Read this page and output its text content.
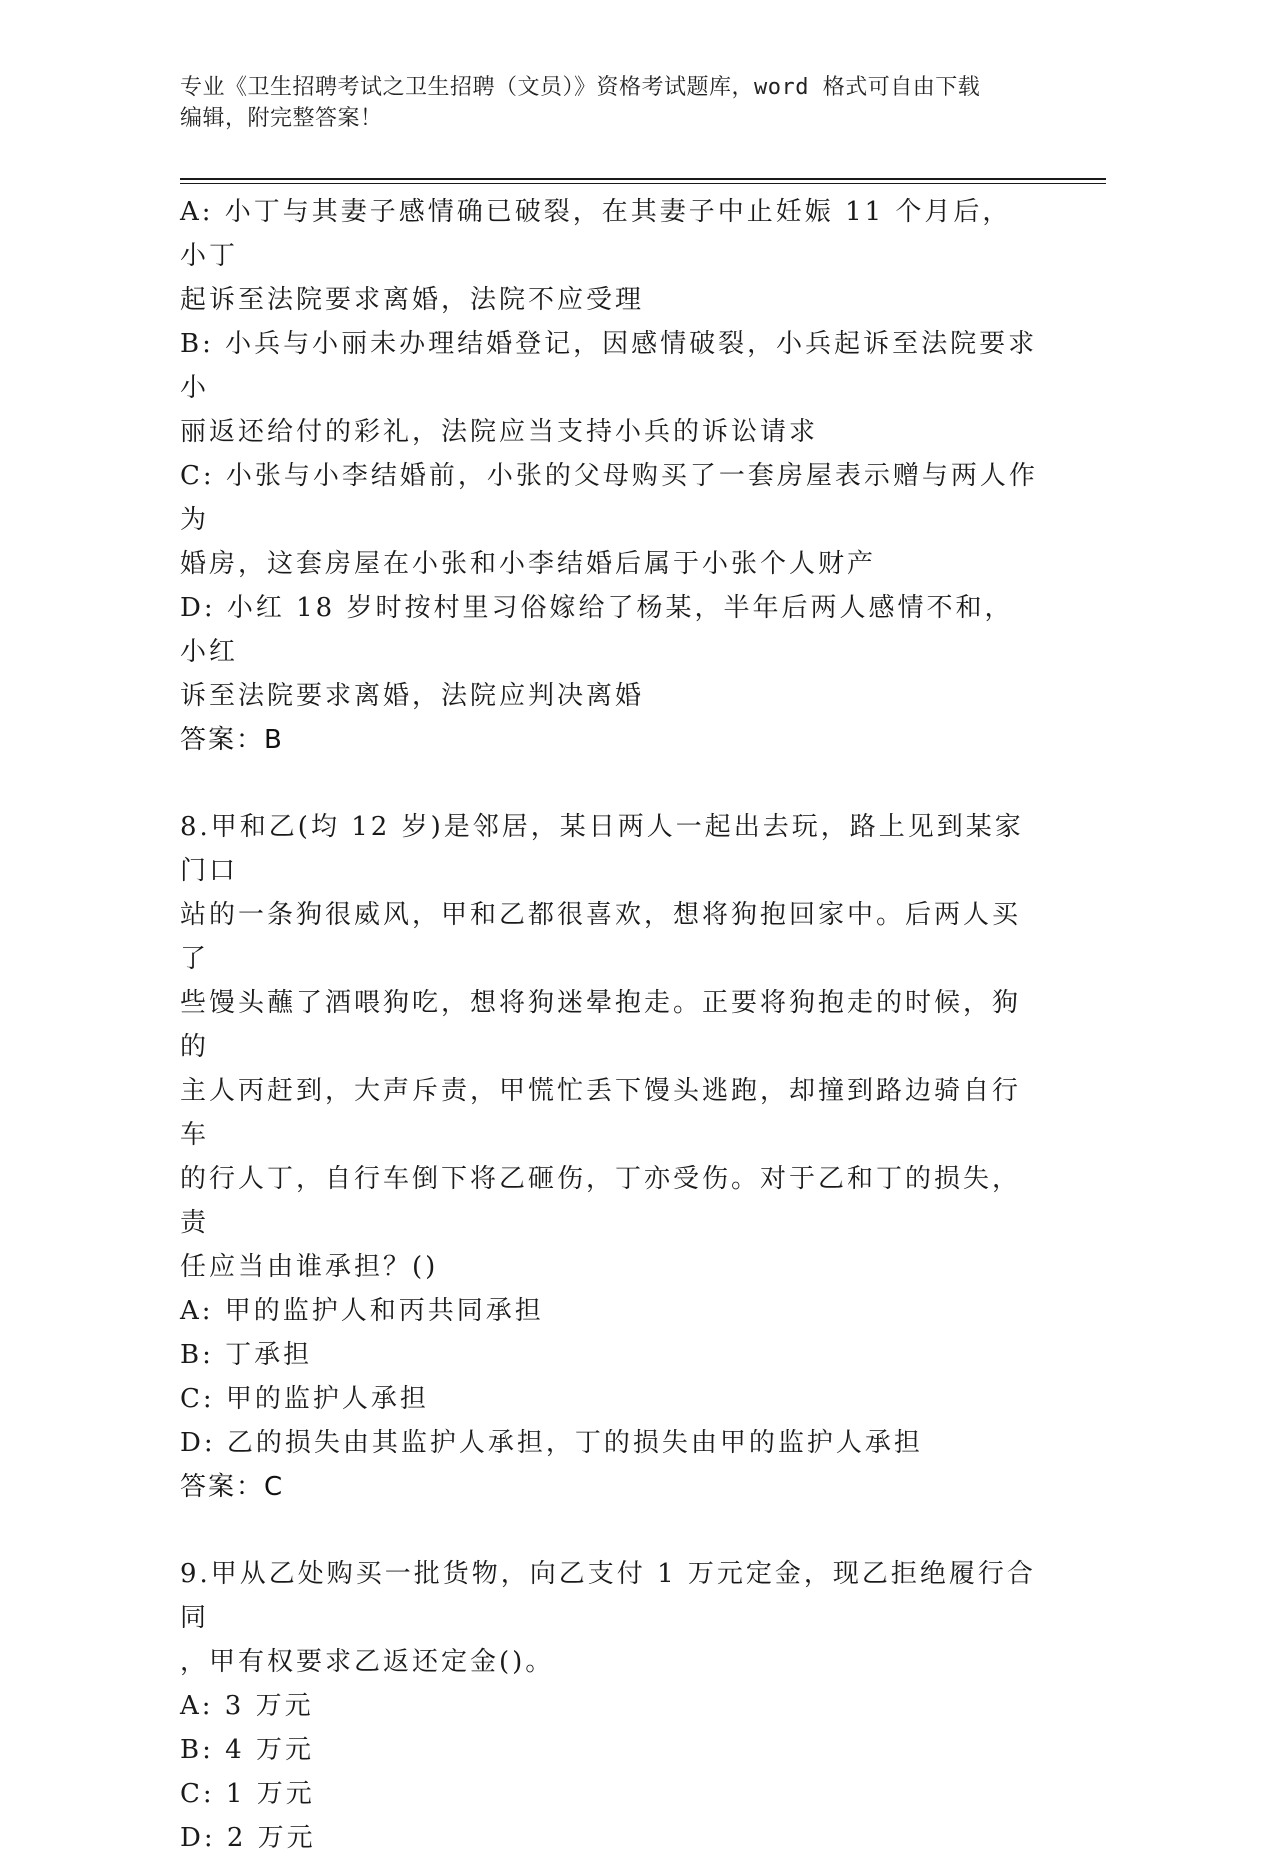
专业《卫生招聘考试之卫生招聘（文员）》资格考试题库，word 格式可自由下载
编辑，附完整答案！
A: 小丁与其妻子感情确已破裂，在其妻子中止妊娠 11 个月后，小丁
起诉至法院要求离婚，法院不应受理
B: 小兵与小丽未办理结婚登记，因感情破裂，小兵起诉至法院要求小
丽返还给付的彩礼，法院应当支持小兵的诉讼请求
C: 小张与小李结婚前，小张的父母购买了一套房屋表示赠与两人作为
婚房，这套房屋在小张和小李结婚后属于小张个人财产
D: 小红 18 岁时按村里习俗嫁给了杨某，半年后两人感情不和，小红
诉至法院要求离婚，法院应判决离婚
答案：B
8.甲和乙(均 12 岁)是邻居，某日两人一起出去玩，路上见到某家门口
站的一条狗很威风，甲和乙都很喜欢，想将狗抱回家中。后两人买了
些馒头蘸了酒喂狗吃，想将狗迷晕抱走。正要将狗抱走的时候，狗的
主人丙赶到，大声斥责，甲慌忙丢下馒头逃跑，却撞到路边骑自行车
的行人丁，自行车倒下将乙砸伤，丁亦受伤。对于乙和丁的损失，责
任应当由谁承担？()
A: 甲的监护人和丙共同承担
B: 丁承担
C: 甲的监护人承担
D: 乙的损失由其监护人承担，丁的损失由甲的监护人承担
答案：C
9.甲从乙处购买一批货物，向乙支付 1 万元定金，现乙拒绝履行合同
，甲有权要求乙返还定金()。
A: 3 万元
B: 4 万元
C: 1 万元
D: 2 万元
